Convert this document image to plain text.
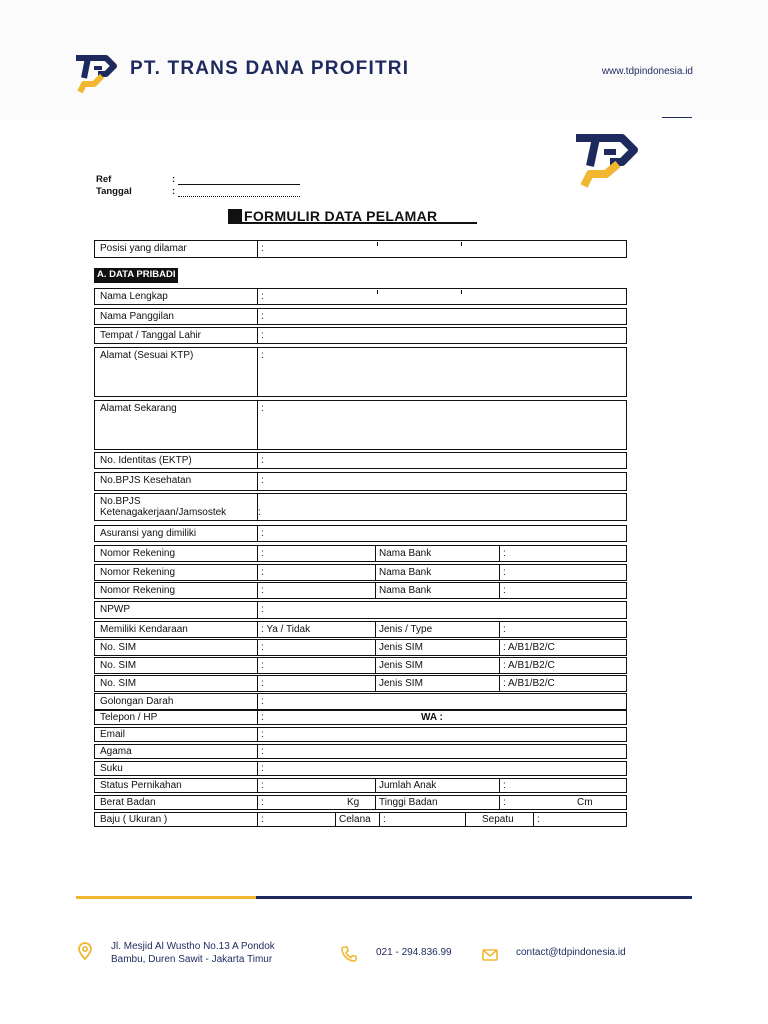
PT. TRANS DANA PROFITRI	www.tdpindonesia.id
Ref	:
Tanggal	:
FORMULIR DATA PELAMAR
Posisi yang dilamar	:
A. DATA PRIBADI
Nama Lengkap	:
Nama Panggilan	:
Tempat / Tanggal Lahir	:
Alamat (Sesuai KTP)	:
Alamat Sekarang	:
No. Identitas (EKTP)	:
No.BPJS Kesehatan	:
No.BPJS
Ketenagakerjaan/Jamsostek	:
Asuransi yang dimiliki	:
Nomor Rekening	:	Nama Bank	:
Nomor Rekening	:	Nama Bank	:
Nomor Rekening	:	Nama Bank	:
NPWP	:
Memiliki Kendaraan	: Ya / Tidak	Jenis / Type	:
No. SIM	:	Jenis SIM	: A/B1/B2/C
No. SIM	:	Jenis SIM	: A/B1/B2/C
No. SIM	:	Jenis SIM	: A/B1/B2/C
Golongan Darah	:
Telepon / HP	:	WA :
Email	:
Agama	:
Suku	:
Status Pernikahan	:	Jumlah Anak	:
Berat Badan	:	Kg Tinggi Badan	:	Cm
Baju ( Ukuran )	:	Celana :	Sepatu :
Jl. Mesjid Al Wustho No.13 A Pondok
Bambu, Duren Sawit - Jakarta Timur
021 - 294.836.99	contact@tdpindonesia.id
